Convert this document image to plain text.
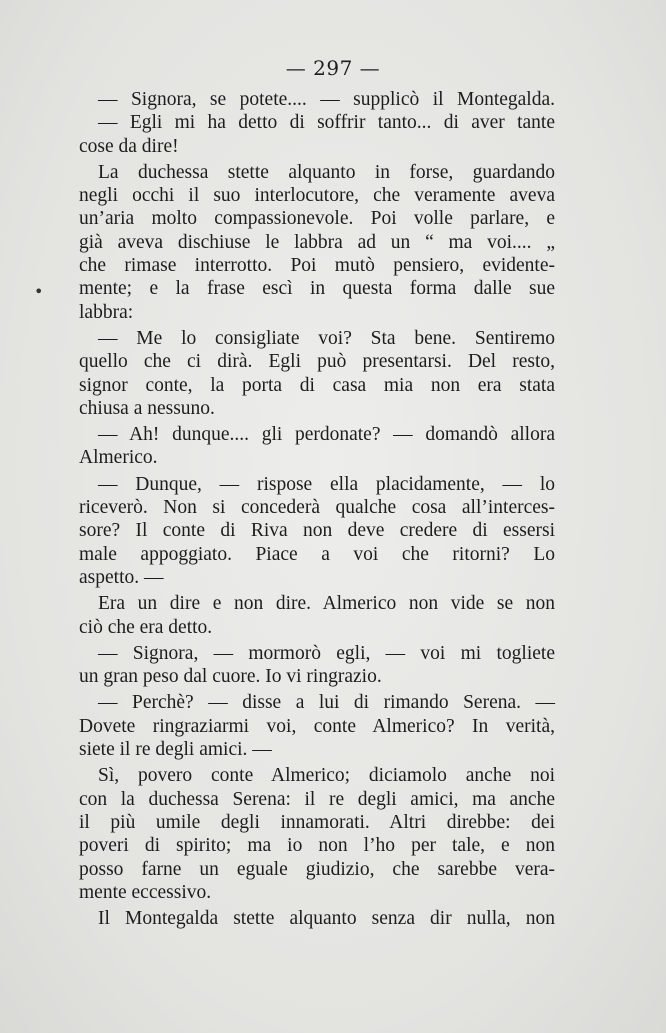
— 297 —
— Signora, se potete.... — supplicò il Montegalda.
— Egli mi ha detto di soffrir tanto... di aver tante
cose da dire!
La duchessa stette alquanto in forse, guardando
negli occhi il suo interlocutore, che veramente aveva
un’aria molto compassionevole. Poi volle parlare, e
già aveva dischiuse le labbra ad un “ ma voi.... „
che rimase interrotto. Poi mutò pensiero, evidente-
mente; e la frase escì in questa forma dalle sue
labbra:
— Me lo consigliate voi? Sta bene. Sentiremo
quello che ci dirà. Egli può presentarsi. Del resto,
signor conte, la porta di casa mia non era stata
chiusa a nessuno.
— Ah! dunque.... gli perdonate? — domandò allora
Almerico.
— Dunque, — rispose ella placidamente, — lo
riceverò. Non si concederà qualche cosa all’interces-
sore? Il conte di Riva non deve credere di essersi
male appoggiato. Piace a voi che ritorni? Lo
aspetto. —
Era un dire e non dire. Almerico non vide se non
ciò che era detto.
— Signora, — mormorò egli, — voi mi togliete
un gran peso dal cuore. Io vi ringrazio.
— Perchè? — disse a lui di rimando Serena. —
Dovete ringraziarmi voi, conte Almerico? In verità,
siete il re degli amici. —
Sì, povero conte Almerico; diciamolo anche noi
con la duchessa Serena: il re degli amici, ma anche
il più umile degli innamorati. Altri direbbe: dei
poveri di spirito; ma io non l’ho per tale, e non
posso farne un eguale giudizio, che sarebbe vera-
mente eccessivo.
Il Montegalda stette alquanto senza dir nulla, non
•
